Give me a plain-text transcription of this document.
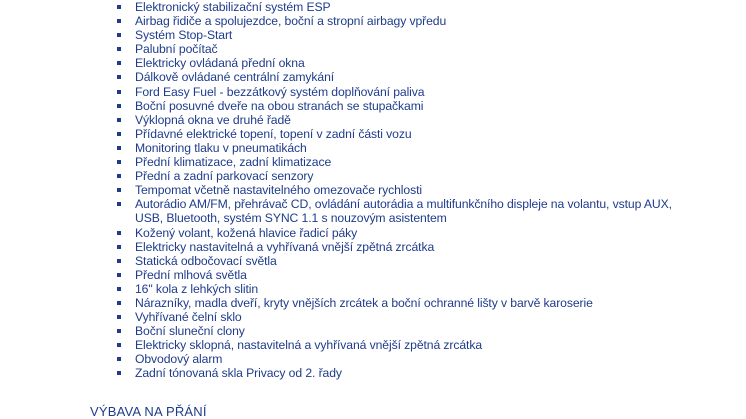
Elektronický stabilizační systém ESP
Airbag řidiče a spolujezdce, boční a stropní airbagy vpředu
Systém Stop-Start
Palubní počítač
Elektricky ovládaná přední okna
Dálkově ovládané centrální zamykání
Ford Easy Fuel - bezzátkový systém doplňování paliva
Boční posuvné dveře na obou stranách se stupačkami
Výklopná okna ve druhé řadě
Přídavné elektrické topení, topení v zadní části vozu
Monitoring tlaku v pneumatikách
Přední klimatizace, zadní klimatizace
Přední a zadní parkovací senzory
Tempomat včetně nastavitelného omezovače rychlosti
Autorádio AM/FM, přehrávač CD, ovládání autorádia a multifunkčního displeje na volantu, vstup AUX, USB, Bluetooth, systém SYNC 1.1 s nouzovým asistentem
Kožený volant, kožená hlavice řadicí páky
Elektricky nastavitelná a vyhřívaná vnější zpětná zrcátka
Statická odbočovací světla
Přední mlhová světla
16" kola z lehkých slitin
Nárazníky, madla dveří, kryty vnějších zrcátek a boční ochranné lišty v barvě karoserie
Vyhřívané čelní sklo
Boční sluneční clony
Elektricky sklopná, nastavitelná a vyhřívaná vnější zpětná zrcátka
Obvodový alarm
Zadní tónovaná skla Privacy od 2. řady
VÝBAVA NA PŘÁNÍ
